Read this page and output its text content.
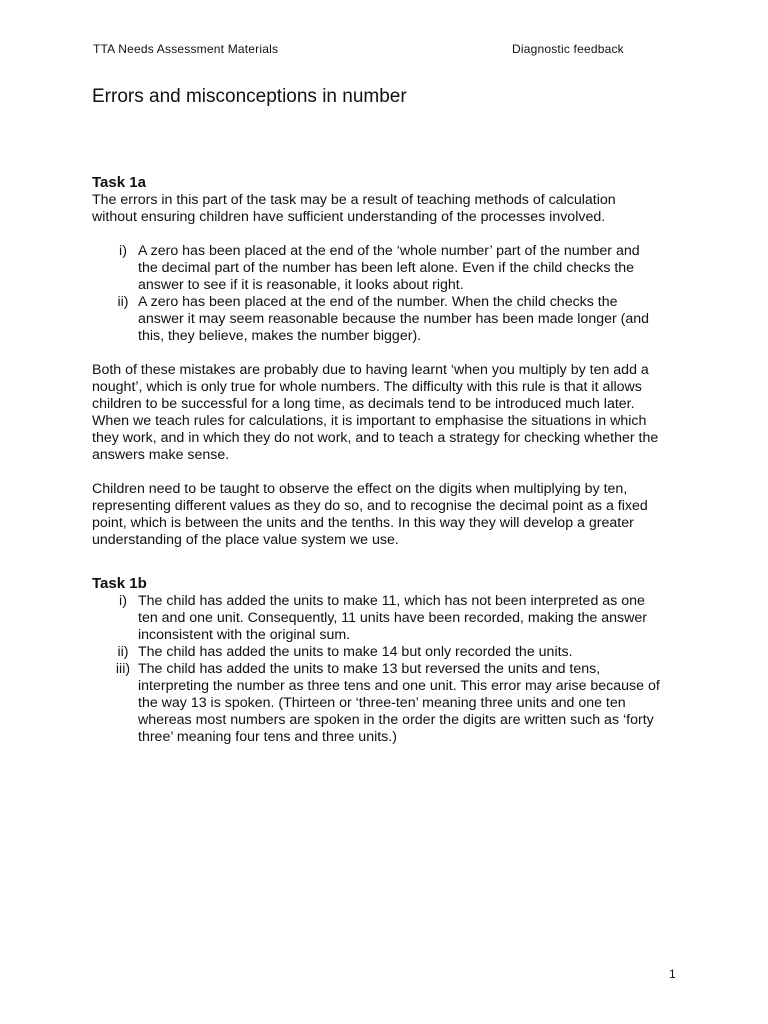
TTA Needs Assessment Materials	Diagnostic feedback
Errors and misconceptions in number
Task 1a

The errors in this part of the task may be a result of teaching methods of calculation without ensuring children have sufficient understanding of the processes involved.

i) A zero has been placed at the end of the ‘whole number’ part of the number and the decimal part of the number has been left alone. Even if the child checks the answer to see if it is reasonable, it looks about right.
ii) A zero has been placed at the end of the number. When the child checks the answer it may seem reasonable because the number has been made longer (and this, they believe, makes the number bigger).

Both of these mistakes are probably due to having learnt ‘when you multiply by ten add a nought’, which is only true for whole numbers. The difficulty with this rule is that it allows children to be successful for a long time, as decimals tend to be introduced much later. When we teach rules for calculations, it is important to emphasise the situations in which they work, and in which they do not work, and to teach a strategy for checking whether the answers make sense.

Children need to be taught to observe the effect on the digits when multiplying by ten, representing different values as they do so, and to recognise the decimal point as a fixed point, which is between the units and the tenths. In this way they will develop a greater understanding of the place value system we use.

Task 1b
i) The child has added the units to make 11, which has not been interpreted as one ten and one unit. Consequently, 11 units have been recorded, making the answer inconsistent with the original sum.
ii) The child has added the units to make 14 but only recorded the units.
iii) The child has added the units to make 13 but reversed the units and tens, interpreting the number as three tens and one unit. This error may arise because of the way 13 is spoken. (Thirteen or ‘three-ten’ meaning three units and one ten whereas most numbers are spoken in the order the digits are written such as ‘forty three’ meaning four tens and three units.)
1
